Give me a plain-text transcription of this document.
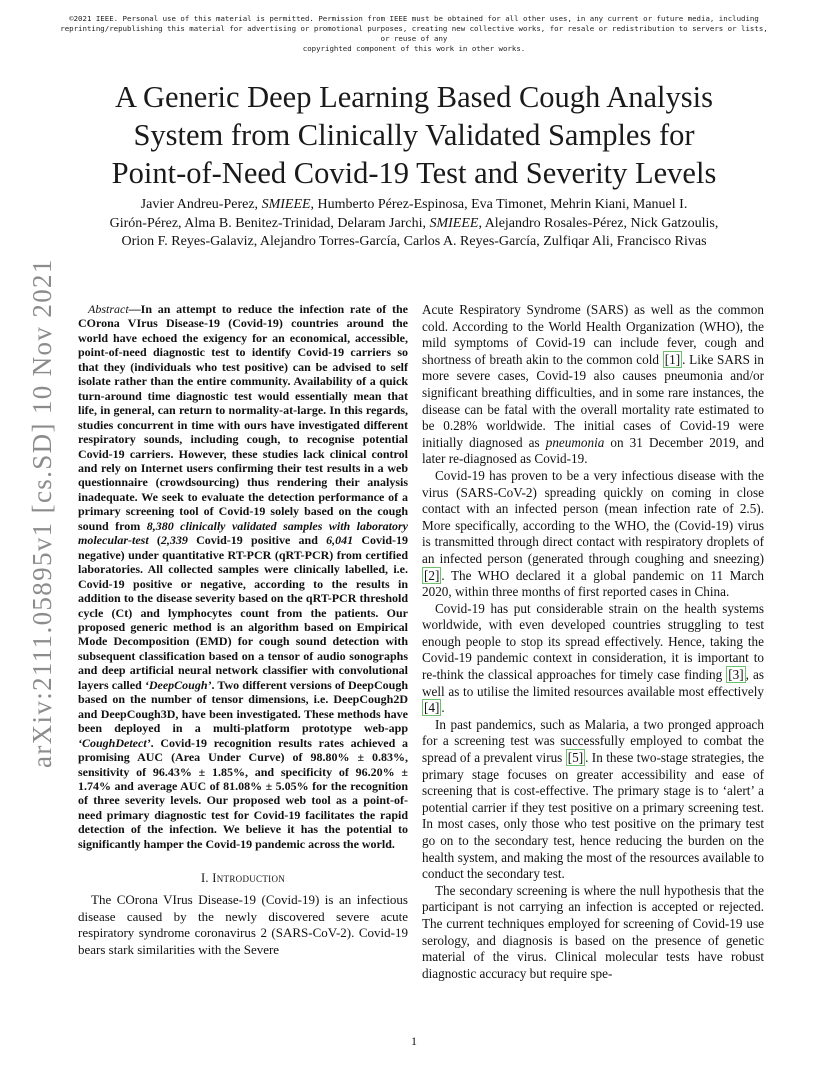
©2021 IEEE. Personal use of this material is permitted. Permission from IEEE must be obtained for all other uses, in any current or future media, including
reprinting/republishing this material for advertising or promotional purposes, creating new collective works, for resale or redistribution to servers or lists, or reuse of any
copyrighted component of this work in other works.
A Generic Deep Learning Based Cough Analysis
System from Clinically Validated Samples for
Point-of-Need Covid-19 Test and Severity Levels
Javier Andreu-Perez, SMIEEE, Humberto Pérez-Espinosa, Eva Timonet, Mehrin Kiani, Manuel I.
Girón-Pérez, Alma B. Benitez-Trinidad, Delaram Jarchi, SMIEEE, Alejandro Rosales-Pérez, Nick Gatzoulis,
Orion F. Reyes-Galaviz, Alejandro Torres-García, Carlos A. Reyes-García, Zulfiqar Ali, Francisco Rivas
arXiv:2111.05895v1 [cs.SD] 10 Nov 2021	Abstract—In an attempt to reduce the infection rate of the COrona VIrus Disease-19 (Covid-19) countries around the world have echoed the exigency for an economical, accessible, point-of-need diagnostic test to identify Covid-19 carriers so that they (individuals who test positive) can be advised to self isolate rather than the entire community. Availability of a quick turn-around time diagnostic test would essentially mean that life, in general, can return to normality-at-large. In this regards, studies concurrent in time with ours have investigated different respiratory sounds, including cough, to recognise potential Covid-19 carriers. However, these studies lack clinical control and rely on Internet users confirming their test results in a web questionnaire (crowdsourcing) thus rendering their analysis inadequate. We seek to evaluate the detection performance of a primary screening tool of Covid-19 solely based on the cough sound from 8,380 clinically validated samples with laboratory molecular-test (2,339 Covid-19 positive and 6,041 Covid-19 negative) under quantitative RT-PCR (qRT-PCR) from certified laboratories. All collected samples were clinically labelled, i.e. Covid-19 positive or negative, according to the results in addition to the disease severity based on the qRT-PCR threshold cycle (Ct) and lymphocytes count from the patients. Our proposed generic method is an algorithm based on Empirical Mode Decomposition (EMD) for cough sound detection with subsequent classification based on a tensor of audio sonographs and deep artificial neural network classifier with convolutional layers called ‘DeepCough’. Two different versions of DeepCough based on the number of tensor dimensions, i.e. DeepCough2D and DeepCough3D, have been investigated. These methods have been deployed in a multi-platform prototype web-app ‘CoughDetect’. Covid-19 recognition results rates achieved a promising AUC (Area Under Curve) of 98.80% ± 0.83%, sensitivity of 96.43% ± 1.85%, and specificity of 96.20% ± 1.74% and average AUC of 81.08% ± 5.05% for the recognition of three severity levels. Our proposed web tool as a point-of-need primary diagnostic test for Covid-19 facilitates the rapid detection of the infection. We believe it has the potential to significantly hamper the Covid-19 pandemic across the world.

I. Introduction

The COrona VIrus Disease-19 (Covid-19) is an infectious disease caused by the newly discovered severe acute respiratory syndrome coronavirus 2 (SARS-CoV-2). Covid-19 bears stark similarities with the Severe

Acute Respiratory Syndrome (SARS) as well as the common cold. According to the World Health Organization (WHO), the mild symptoms of Covid-19 can include fever, cough and shortness of breath akin to the common cold [1] . Like SARS in more severe cases, Covid-19 also causes pneumonia and/or significant breathing difficulties, and in some rare instances, the disease can be fatal with the overall mortality rate estimated to be 0.28% worldwide. The initial cases of Covid-19 were initially diagnosed as pneumonia on 31 December 2019, and later re-diagnosed as Covid-19.

Covid-19 has proven to be a very infectious disease with the virus (SARS-CoV-2) spreading quickly on coming in close contact with an infected person (mean infection rate of 2.5). More specifically, according to the WHO, the (Covid-19) virus is transmitted through direct contact with respiratory droplets of an infected person (generated through coughing and sneezing) [2] . The WHO declared it a global pandemic on 11 March 2020, within three months of first reported cases in China.

Covid-19 has put considerable strain on the health systems worldwide, with even developed countries struggling to test enough people to stop its spread effectively. Hence, taking the Covid-19 pandemic context in consideration, it is important to re-think the classical approaches for timely case finding [3] , as well as to utilise the limited resources available most effectively [4] .

In past pandemics, such as Malaria, a two pronged approach for a screening test was successfully employed to combat the spread of a prevalent virus [5] . In these two-stage strategies, the primary stage focuses on greater accessibility and ease of screening that is cost-effective. The primary stage is to ‘alert’ a potential carrier if they test positive on a primary screening test. In most cases, only those who test positive on the primary test go on to the secondary test, hence reducing the burden on the health system, and making the most of the resources available to conduct the secondary test.

The secondary screening is where the null hypothesis that the participant is not carrying an infection is accepted or rejected. The current techniques employed for screening of Covid-19 use serology, and diagnosis is based on the presence of genetic material of the virus. Clinical molecular tests have robust diagnostic accuracy but require spe-

1
